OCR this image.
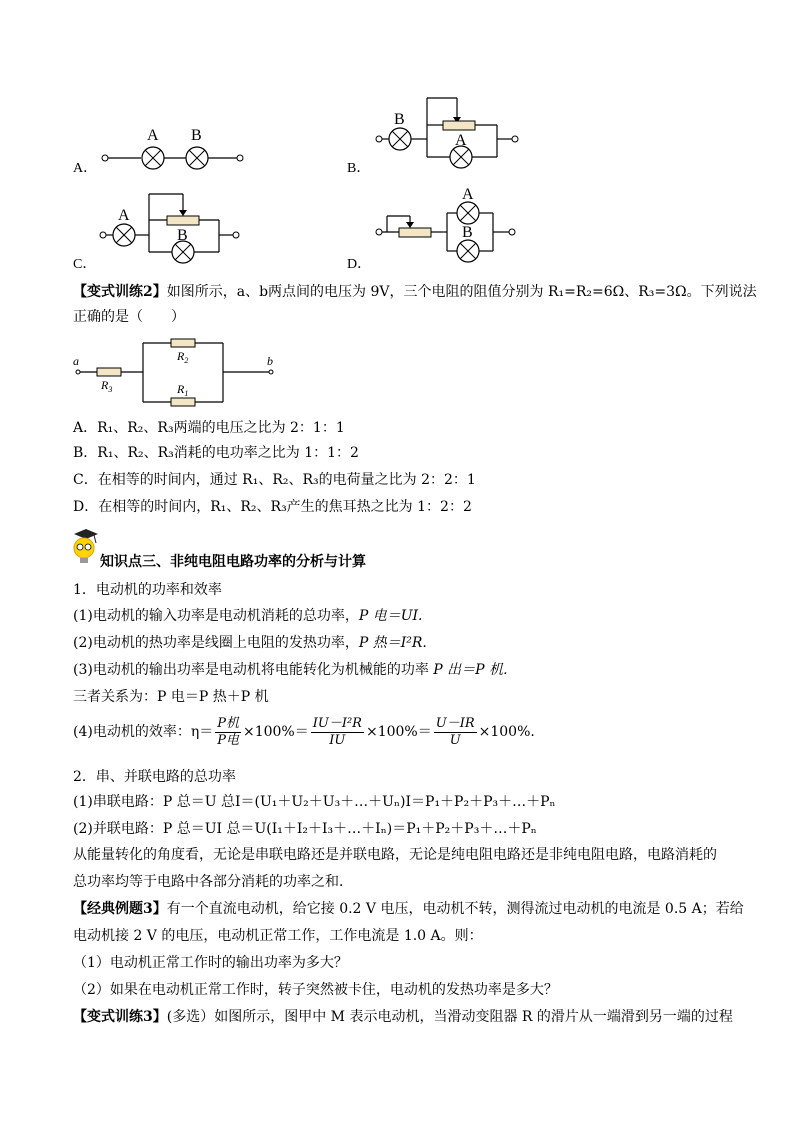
A．
A B
B．
B
A
C．
A
B
D．
A
B
【变式训练2】如图所示，a、b两点间的电压为 9V，三个电阻的阻值分别为 R₁=R₂=6Ω、R₃=3Ω。下列说法
正确的是（　　）
a
$R_3$
$R_2$
$R_1$
b
A．R₁、R₂、R₃两端的电压之比为 2：1：1
B．R₁、R₂、R₃消耗的电功率之比为 1：1：2
C．在相等的时间内，通过 R₁、R₂、R₃的电荷量之比为 2：2：1
D．在相等的时间内，R₁、R₂、R₃产生的焦耳热之比为 1：2：2
知识点三、非纯电阻电路功率的分析与计算
1．电动机的功率和效率
(1)电动机的输入功率是电动机消耗的总功率，P 电＝UI.
(2)电动机的热功率是线圈上电阻的发热功率，P 热＝I²R.
(3)电动机的输出功率是电动机将电能转化为机械能的功率 P 出＝P 机．
三者关系为：P 电＝P 热＋P 机
(4)电动机的效率：$\eta= \frac{\text{P机}}{\text{P电}} \times 100\%= \frac{\text{IU－I²R}}{IU} \times 100\%= \frac{U-IR}{U} \times 100\%$.
2．串、并联电路的总功率
(1)串联电路：P 总＝U 总I＝(U₁＋U₂＋U₃＋…＋Uₙ)I＝P₁＋P₂＋P₃＋…＋Pₙ
(2)并联电路：P 总＝UI 总＝U(I₁＋I₂＋I₃＋…＋Iₙ)＝P₁＋P₂＋P₃＋…＋Pₙ
从能量转化的角度看，无论是串联电路还是并联电路，无论是纯电阻电路还是非纯电阻电路，电路消耗的
总功率均等于电路中各部分消耗的功率之和．
【经典例题3】有一个直流电动机，给它接 0.2 V 电压，电动机不转，测得流过电动机的电流是 0.5 A；若给
电动机接 2 V 的电压，电动机正常工作，工作电流是 1.0 A。则：
（1）电动机正常工作时的输出功率为多大？
（2）如果在电动机正常工作时，转子突然被卡住，电动机的发热功率是多大？
【变式训练3】(多选）如图所示，图甲中 M 表示电动机，当滑动变阻器 R 的滑片从一端滑到另一端的过程
